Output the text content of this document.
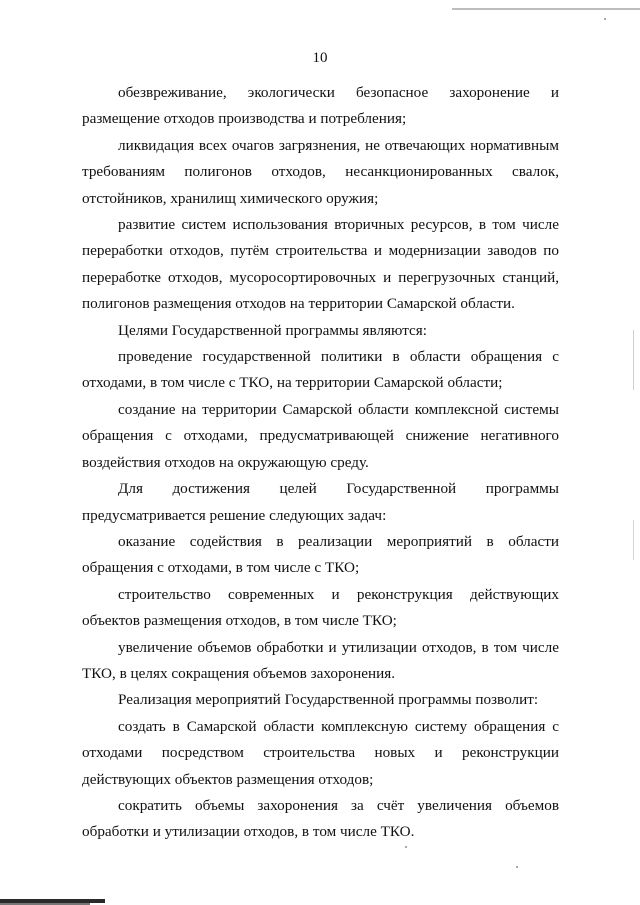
10

обезвреживание, экологически безопасное захоронение и размещение отходов производства и потребления;

ликвидация всех очагов загрязнения, не отвечающих нормативным требованиям полигонов отходов, несанкционированных свалок, отстойников, хранилищ химического оружия;

развитие систем использования вторичных ресурсов, в том числе переработки отходов, путём строительства и модернизации заводов по переработке отходов, мусоросортировочных и перегрузочных станций, полигонов размещения отходов на территории Самарской области.

Целями Государственной программы являются:

проведение государственной политики в области обращения с отходами, в том числе с ТКО, на территории Самарской области;

создание на территории Самарской области комплексной системы обращения с отходами, предусматривающей снижение негативного воздействия отходов на окружающую среду.

Для достижения целей Государственной программы предусматривается решение следующих задач:

оказание содействия в реализации мероприятий в области обращения с отходами, в том числе с ТКО;

строительство современных и реконструкция действующих объектов размещения отходов, в том числе ТКО;

увеличение объемов обработки и утилизации отходов, в том числе ТКО, в целях сокращения объемов захоронения.

Реализация мероприятий Государственной программы позволит:

создать в Самарской области комплексную систему обращения с отходами посредством строительства новых и реконструкции действующих объектов размещения отходов;

сократить объемы захоронения за счёт увеличения объемов обработки и утилизации отходов, в том числе ТКО.
